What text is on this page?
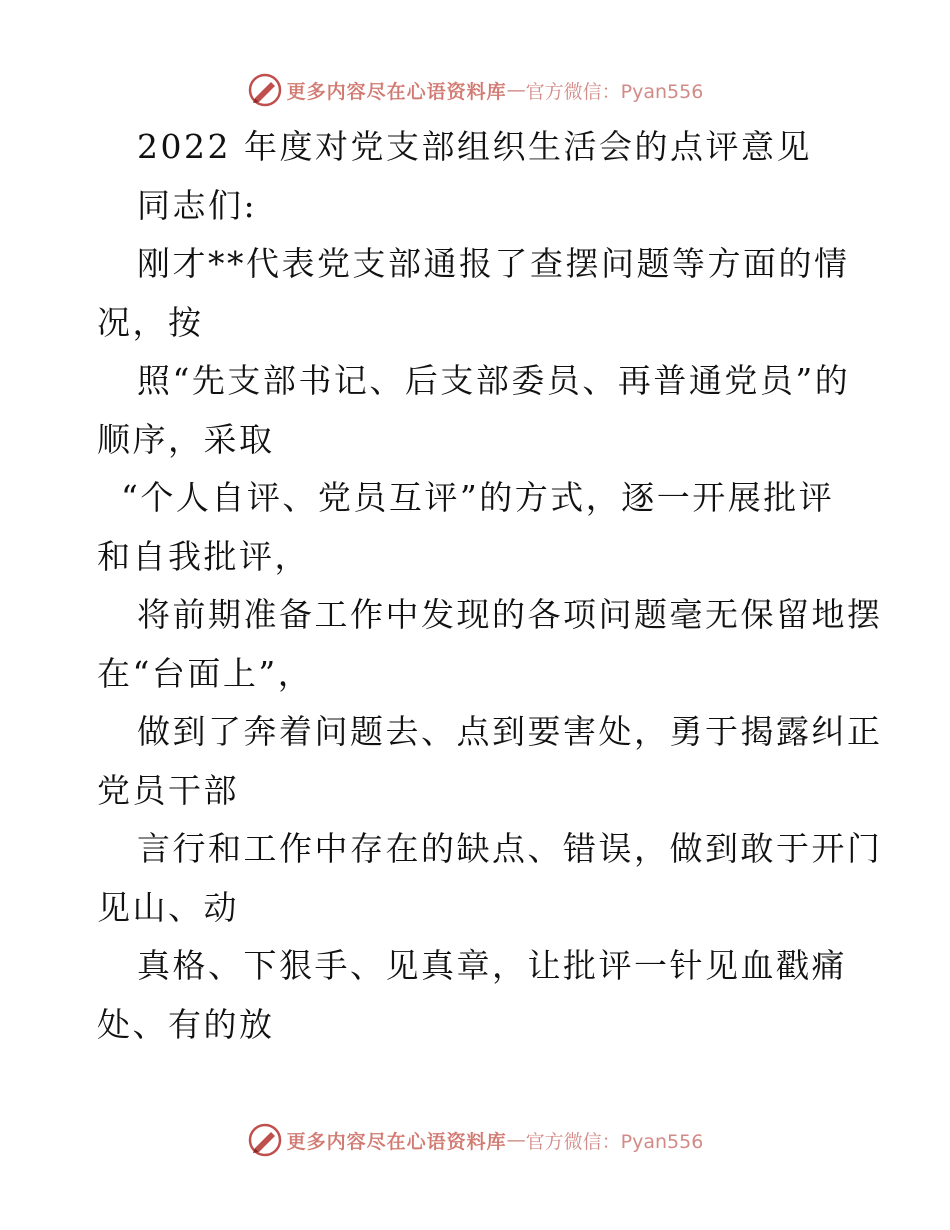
更多内容尽在心语资料库 — 官方微信：Pyan556
2022 年度对党支部组织生活会的点评意见
同志们:
刚才**代表党支部通报了查摆问题等方面的情
况，按
照“先支部书记、后支部委员、再普通党员”的
顺序，采取
“个人自评、党员互评”的方式，逐一开展批评
和自我批评，
将前期准备工作中发现的各项问题毫无保留地摆
在“台面上”，
做到了奔着问题去、点到要害处，勇于揭露纠正
党员干部
言行和工作中存在的缺点、错误，做到敢于开门
见山、动
真格、下狠手、见真章，让批评一针见血戳痛
处、有的放
更多内容尽在心语资料库 — 官方微信：Pyan556
